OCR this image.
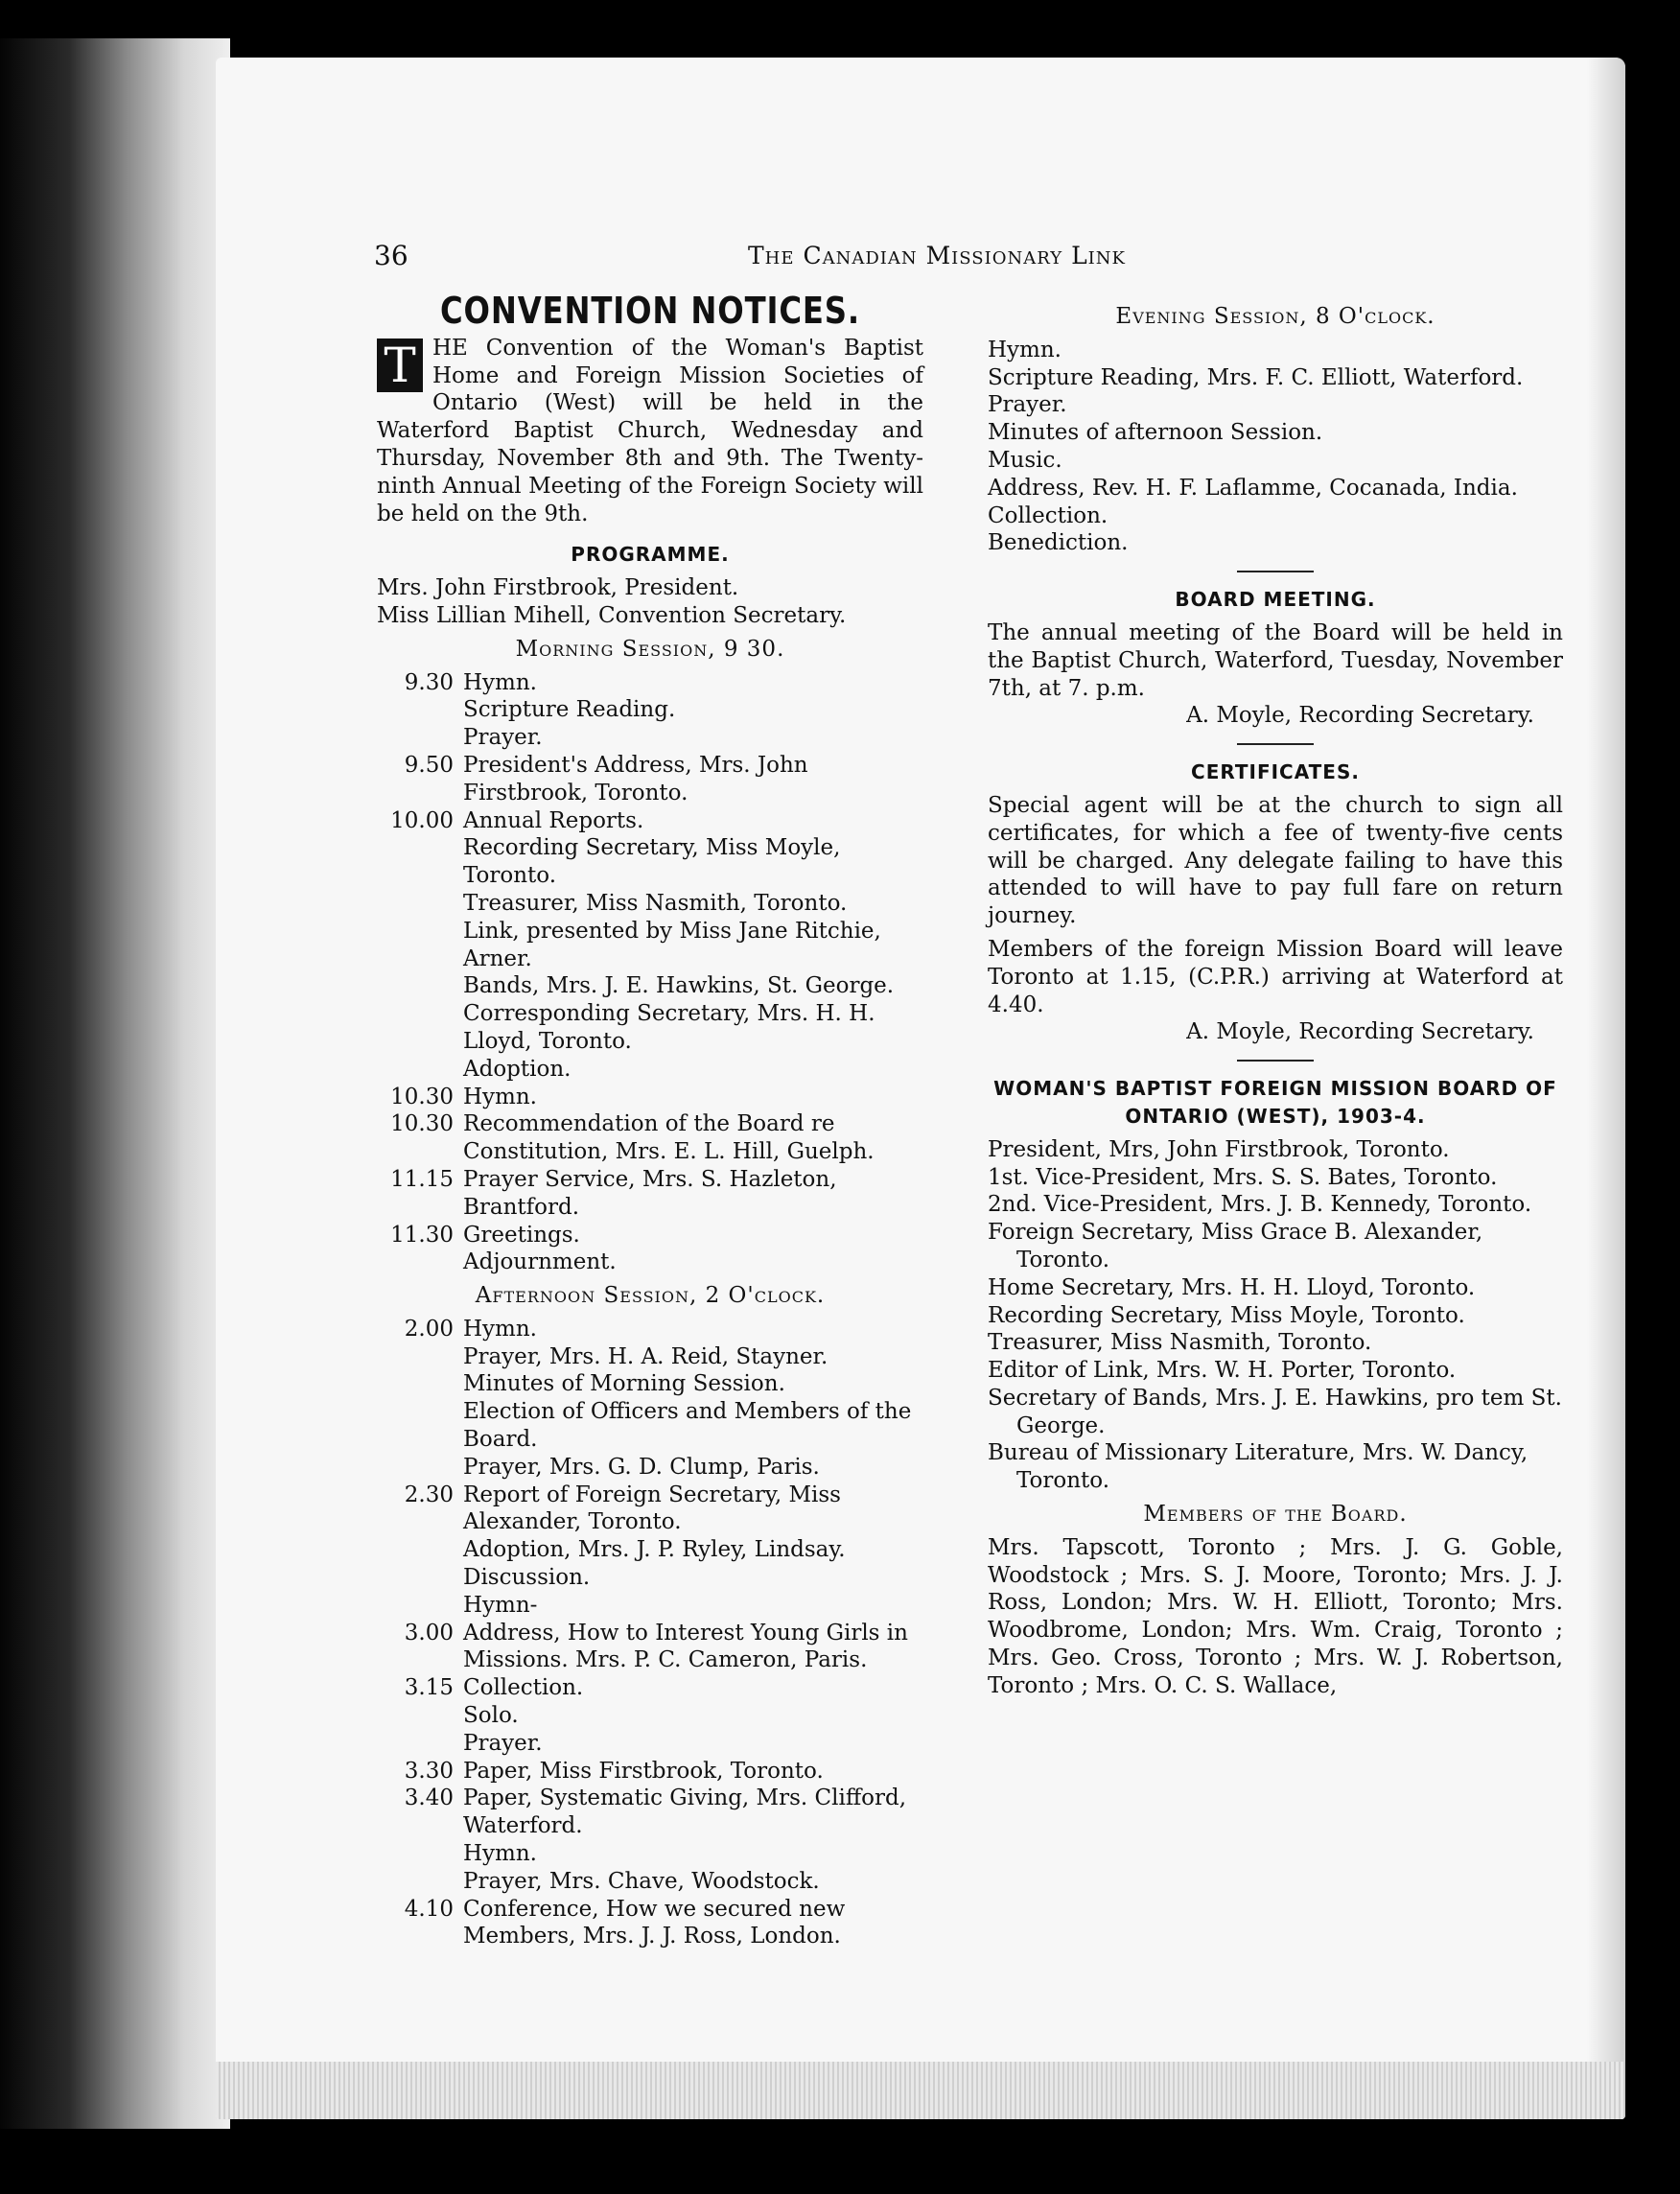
36	The Canadian Missionary Link
CONVENTION NOTICES.

T HE Convention of the Woman's Baptist Home and Foreign Mission Societies of Ontario (West) will be held in the Waterford Baptist Church, Wednesday and Thursday, November 8th and 9th. The Twenty-ninth Annual Meeting of the Foreign Society will be held on the 9th.

PROGRAMME.

Mrs. John Firstbrook, President.

Miss Lillian Mihell, Convention Secretary.

Morning Session, 9 30.
9.30 Hymn.
Scripture Reading.
Prayer.
9.50 President's Address, Mrs. John Firstbrook, Toronto.
10.00 Annual Reports.
Recording Secretary, Miss Moyle, Toronto.
Treasurer, Miss Nasmith, Toronto.
Link, presented by Miss Jane Ritchie, Arner.
Bands, Mrs. J. E. Hawkins, St. George.
Corresponding Secretary, Mrs. H. H. Lloyd, Toronto.
Adoption.
10.30 Hymn.
10.30 Recommendation of the Board re Constitution, Mrs. E. L. Hill, Guelph.
11.15 Prayer Service, Mrs. S. Hazleton, Brantford.
11.30 Greetings.
Adjournment.
Afternoon Session, 2 O'clock.
2.00 Hymn.
Prayer, Mrs. H. A. Reid, Stayner.
Minutes of Morning Session.
Election of Officers and Members of the Board.
Prayer, Mrs. G. D. Clump, Paris.
2.30 Report of Foreign Secretary, Miss Alexander, Toronto.
Adoption, Mrs. J. P. Ryley, Lindsay.
Discussion.
Hymn-
3.00 Address, How to Interest Young Girls in Missions. Mrs. P. C. Cameron, Paris.
3.15 Collection.
Solo.
Prayer.
3.30 Paper, Miss Firstbrook, Toronto.
3.40 Paper, Systematic Giving, Mrs. Clifford, Waterford.
Hymn.
Prayer, Mrs. Chave, Woodstock.
4.10 Conference, How we secured new Members, Mrs. J. J. Ross, London.
Evening Session, 8 O'clock.

Hymn.

Scripture Reading, Mrs. F. C. Elliott, Waterford.

Prayer.

Minutes of afternoon Session.

Music.

Address, Rev. H. F. Laflamme, Cocanada, India.

Collection.

Benediction.

BOARD MEETING.

The annual meeting of the Board will be held in the Baptist Church, Waterford, Tuesday, November 7th, at 7. p.m.

A. Moyle, Recording Secretary.

CERTIFICATES.

Special agent will be at the church to sign all certificates, for which a fee of twenty-five cents will be charged. Any delegate failing to have this attended to will have to pay full fare on return journey.

Members of the foreign Mission Board will leave Toronto at 1.15, (C.P.R.) arriving at Waterford at 4.40.

A. Moyle, Recording Secretary.

WOMAN'S BAPTIST FOREIGN MISSION BOARD OF ONTARIO (WEST), 1903-4.

President, Mrs, John Firstbrook, Toronto.

1st. Vice-President, Mrs. S. S. Bates, Toronto.

2nd. Vice-President, Mrs. J. B. Kennedy, Toronto.

Foreign Secretary, Miss Grace B. Alexander, Toronto.

Home Secretary, Mrs. H. H. Lloyd, Toronto.

Recording Secretary, Miss Moyle, Toronto.

Treasurer, Miss Nasmith, Toronto.

Editor of Link, Mrs. W. H. Porter, Toronto.

Secretary of Bands, Mrs. J. E. Hawkins, pro tem St. George.

Bureau of Missionary Literature, Mrs. W. Dancy, Toronto.

Members of the Board.

Mrs. Tapscott, Toronto ; Mrs. J. G. Goble, Woodstock ; Mrs. S. J. Moore, Toronto; Mrs. J. J. Ross, London; Mrs. W. H. Elliott, Toronto; Mrs. Woodbrome, London; Mrs. Wm. Craig, Toronto ; Mrs. Geo. Cross, Toronto ; Mrs. W. J. Robertson, Toronto ; Mrs. O. C. S. Wallace,
